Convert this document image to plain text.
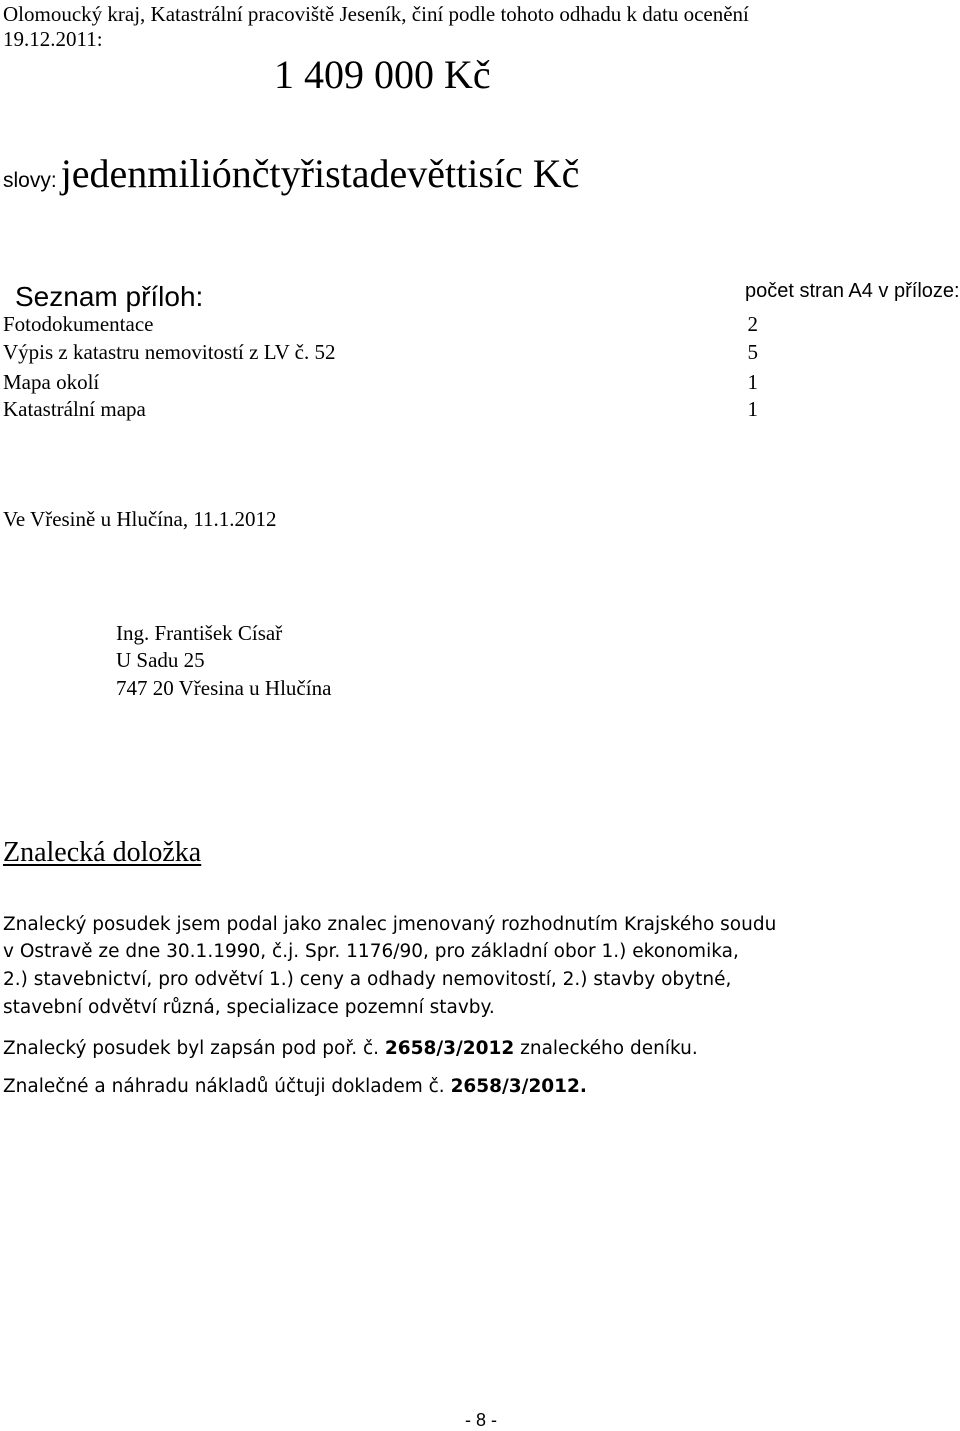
Olomoucký kraj, Katastrální pracoviště Jeseník, činí podle tohoto odhadu k datu ocenění
19.12.2011:
1 409 000 Kč
slovy: jedenmiliónčtyřistadevěttisíc Kč
Seznam příloh:	počet stran A4 v příloze:
Fotodokumentace	2
Výpis z katastru nemovitostí z LV č. 52	5
Mapa okolí	1
Katastrální mapa	1
Ve Vřesině u Hlučína, 11.1.2012
Ing. František Císař
U Sadu 25
747 20 Vřesina u Hlučína
Znalecká doložka
Znalecký posudek jsem podal jako znalec jmenovaný rozhodnutím Krajského soudu
v Ostravě ze dne 30.1.1990, č.j. Spr. 1176/90, pro základní obor 1.) ekonomika,
2.) stavebnictví, pro odvětví 1.) ceny a odhady nemovitostí, 2.) stavby obytné,
stavební odvětví různá, specializace pozemní stavby.
Znalecký posudek byl zapsán pod poř. č. 2658/3/2012 znaleckého deníku.
Znalečné a náhradu nákladů účtuji dokladem č. 2658/3/2012.
- 8 -
